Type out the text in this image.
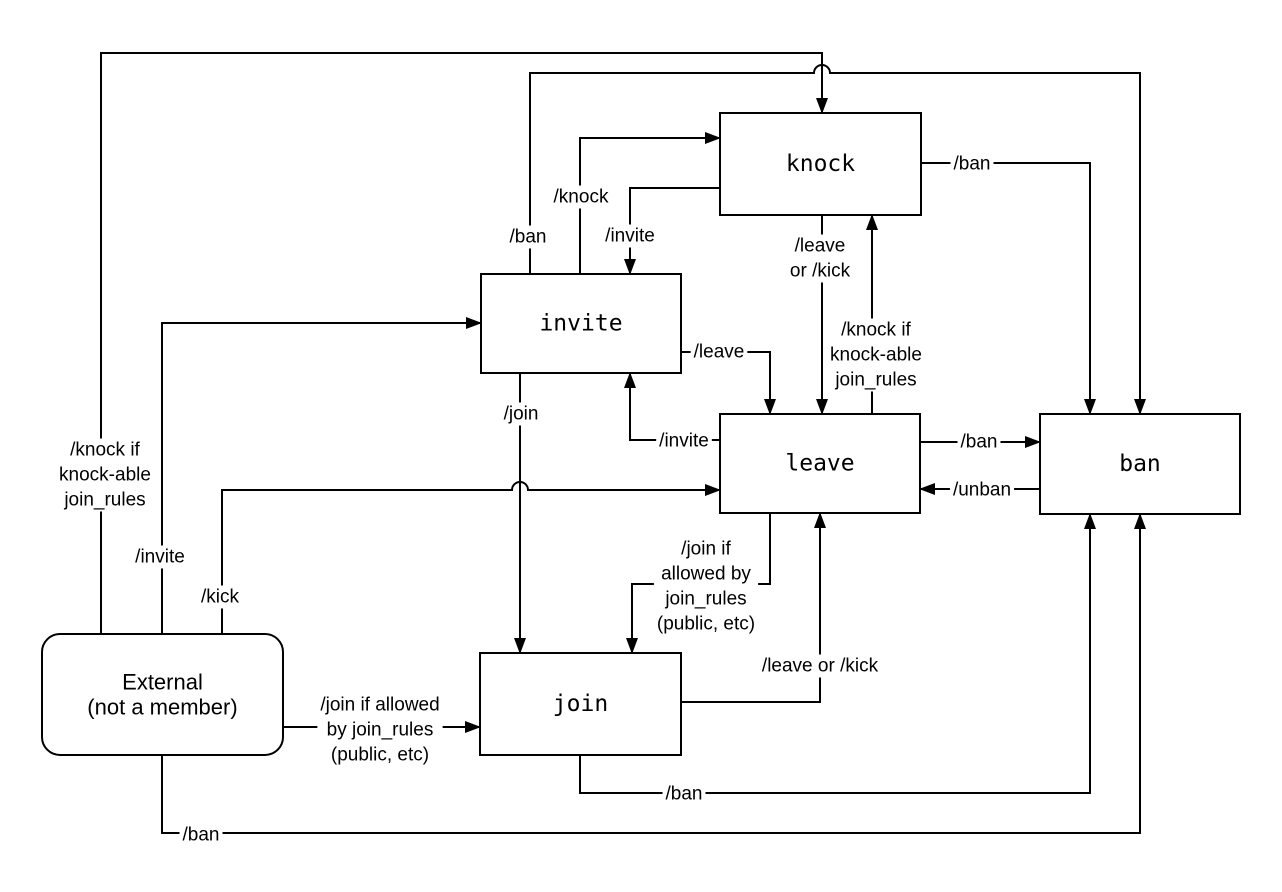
knock
invite
leave	ban
join
External
(not a member)
/knock if
knock-able
join_rules
/invite
/kick
/join if allowed
by join_rules
(public, etc)
/ban
/knock
/invite
/ban
/ban
/leave
or /kick
/knock if
knock-able
join_rules
/leave
/invite	/ban
/unban
/join
/join if
allowed by
join_rules
(public, etc)
/leave or /kick
/ban
